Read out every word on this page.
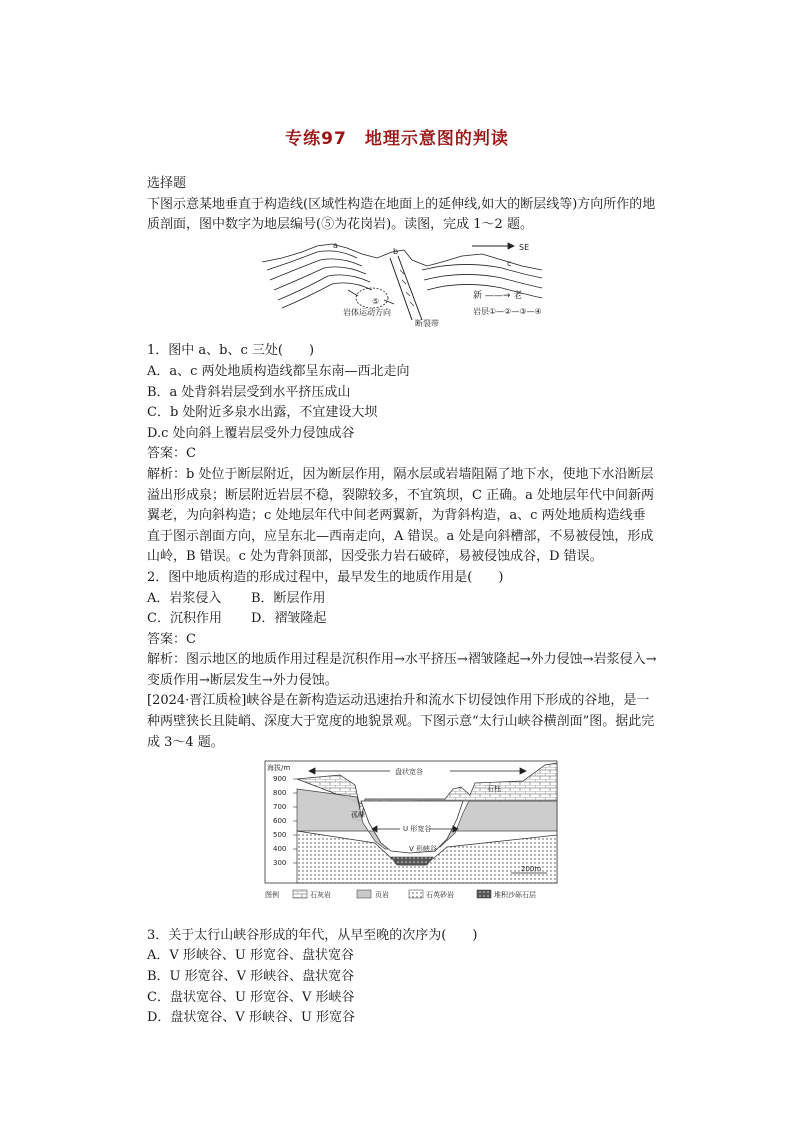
专练97　地理示意图的判读

选择题

下图示意某地垂直于构造线(区域性构造在地面上的延伸线,如大的断层线等)方向所作的地质剖面，图中数字为地层编号(⑤为花岗岩)。读图，完成 1～2 题。

a
b
c
SE
⑤
岩体运动方向
断裂带
新 ——→ 老
岩层①—②—③—④

1．图中 a、b、c 三处(　　)

A．a、c 两处地质构造线都呈东南—西北走向

B．a 处背斜岩层受到水平挤压成山

C．b 处附近多泉水出露，不宜建设大坝

D.c 处向斜上覆岩层受外力侵蚀成谷

答案：C

解析：b 处位于断层附近，因为断层作用，隔水层或岩墙阻隔了地下水，使地下水沿断层溢出形成泉；断层附近岩层不稳，裂隙较多，不宜筑坝，C 正确。a 处地层年代中间新两翼老，为向斜构造；c 处地层年代中间老两翼新，为背斜构造，a、c 两处地质构造线垂直于图示剖面方向，应呈东北—西南走向，A 错误。a 处是向斜槽部，不易被侵蚀，形成山岭，B 错误。c 处为背斜顶部，因受张力岩石破碎，易被侵蚀成谷，D 错误。

2．图中地质构造的形成过程中，最早发生的地质作用是(　　)

A．岩浆侵入 B．断层作用

C．沉积作用 D．褶皱隆起

答案：C

解析：图示地区的地质作用过程是沉积作用→水平挤压→褶皱隆起→外力侵蚀→岩浆侵入→变质作用→断层发生→外力侵蚀。

[2024·晋江质检]峡谷是在新构造运动迅速抬升和流水下切侵蚀作用下形成的谷地，是一种两壁狭长且陡峭、深度大于宽度的地貌景观。下图示意“太行山峡谷横剖面”图。据此完成 3～4 题。

海拔/m
900
800
700
600
500
400
300
盘状宽谷
石柱
孤峰
U 形宽谷
V 形峡谷
200m
图例	石灰岩	页岩	石英砂岩	堆积沙砾石层

3．关于太行山峡谷形成的年代，从早至晚的次序为(　　)

A．V 形峡谷、U 形宽谷、盘状宽谷

B．U 形宽谷、V 形峡谷、盘状宽谷

C．盘状宽谷、U 形宽谷、V 形峡谷

D．盘状宽谷、V 形峡谷、U 形宽谷
